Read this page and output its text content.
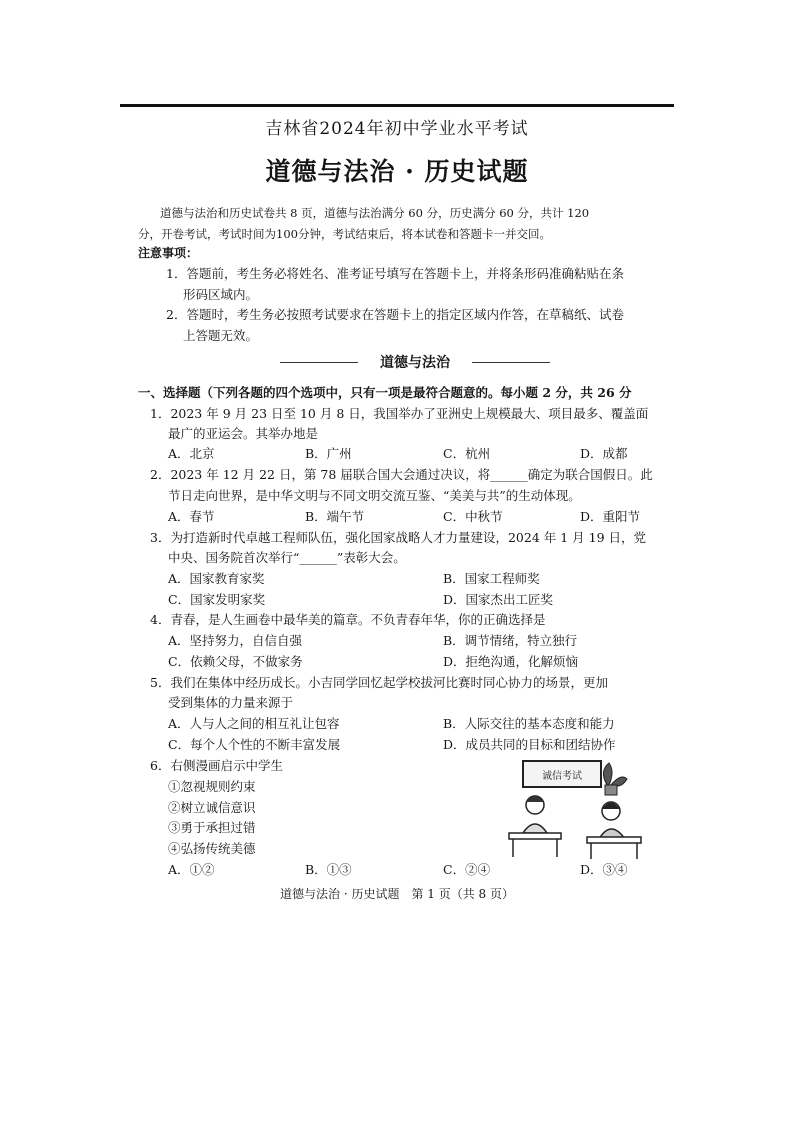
吉林省2024年初中学业水平考试
道德与法治 · 历史试题
道德与法治和历史试卷共 8 页，道德与法治满分 60 分，历史满分 60 分，共计 120
分，开卷考试，考试时间为100分钟，考试结束后，将本试卷和答题卡一并交回。
注意事项：
1．答题前，考生务必将姓名、准考证号填写在答题卡上，并将条形码准确粘贴在条
形码区域内。
2．答题时，考生务必按照考试要求在答题卡上的指定区域内作答，在草稿纸、试卷
上答题无效。
道德与法治
一、选择题（下列各题的四个选项中，只有一项是最符合题意的。每小题 2 分，共 26 分
1．2023 年 9 月 23 日至 10 月 8 日，我国举办了亚洲史上规模最大、项目最多、覆盖面
最广的亚运会。其举办地是
A．北京	B．广州	C．杭州	D．成都
2．2023 年 12 月 22 日，第 78 届联合国大会通过决议，将______确定为联合国假日。此
节日走向世界，是中华文明与不同文明交流互鉴、“美美与共”的生动体现。
A．春节	B．端午节	C．中秋节	D．重阳节
3．为打造新时代卓越工程师队伍，强化国家战略人才力量建设，2024 年 1 月 19 日，党
中央、国务院首次举行“______”表彰大会。
A．国家教育家奖	B．国家工程师奖
C．国家发明家奖	D．国家杰出工匠奖
4．青春，是人生画卷中最华美的篇章。不负青春年华，你的正确选择是
A．坚持努力，自信自强	B．调节情绪，特立独行
C．依赖父母，不做家务	D．拒绝沟通，化解烦恼
5．我们在集体中经历成长。小吉同学回忆起学校拔河比赛时同心协力的场景，更加
受到集体的力量来源于
A．人与人之间的相互礼让包容	B．人际交往的基本态度和能力
C．每个人个性的不断丰富发展	D．成员共同的目标和团结协作
6．右侧漫画启示中学生
①忽视规则约束
②树立诚信意识
③勇于承担过错
④弘扬传统美德
A．①②	B．①③	C．②④	D．③④
诚信考试
道德与法治 · 历史试题　第 1 页（共 8 页）
